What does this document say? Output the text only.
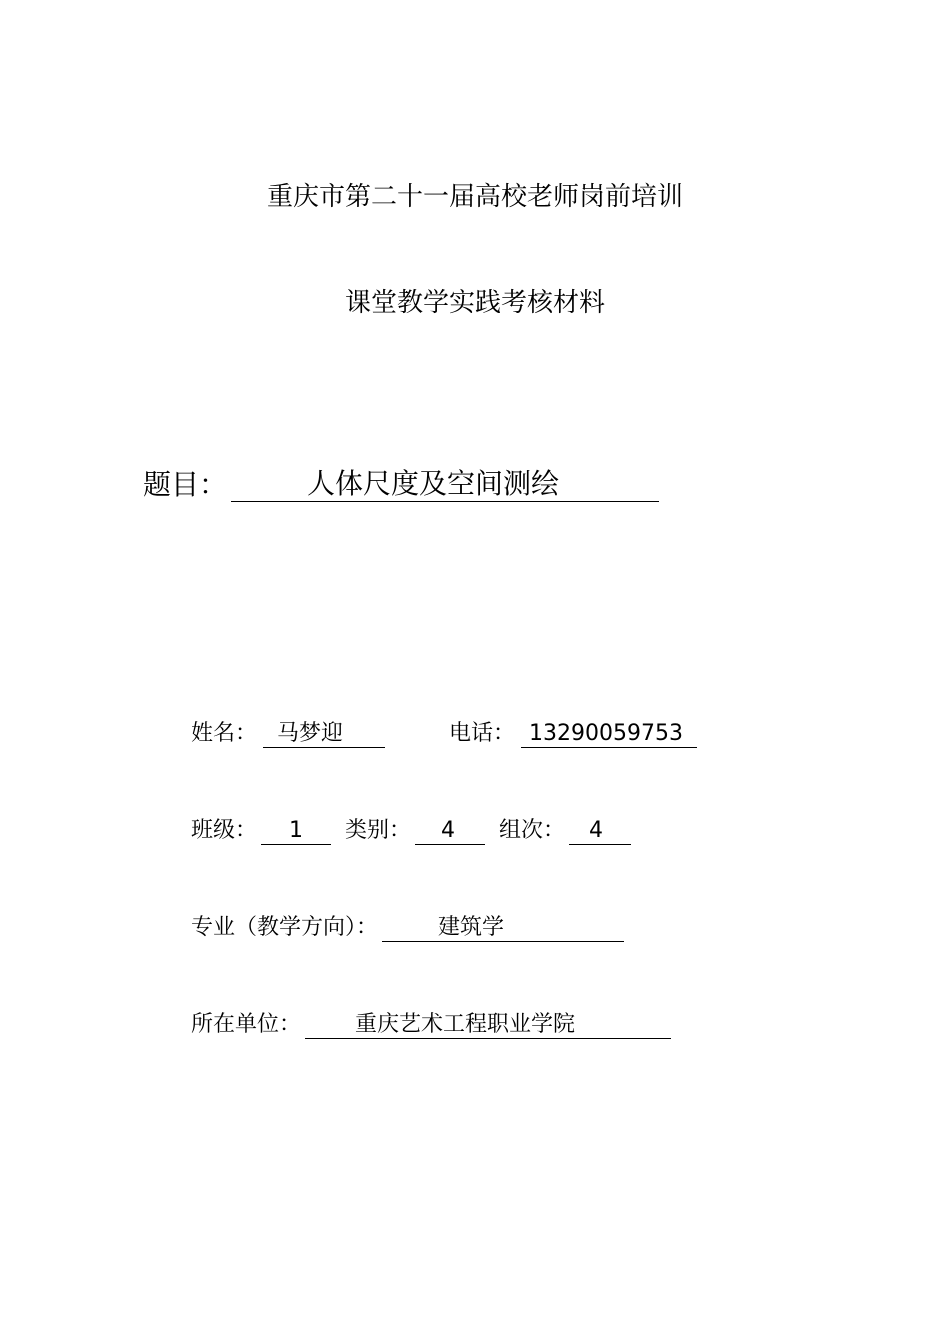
重庆市第二十一届高校老师岗前培训
课堂教学实践考核材料
题目：	人体尺度及空间测绘
姓名： 马梦迎	电话： 13290059753
班级：	1	类别：	4	组次：	4
专业（教学方向）：	建筑学
所在单位：	重庆艺术工程职业学院
